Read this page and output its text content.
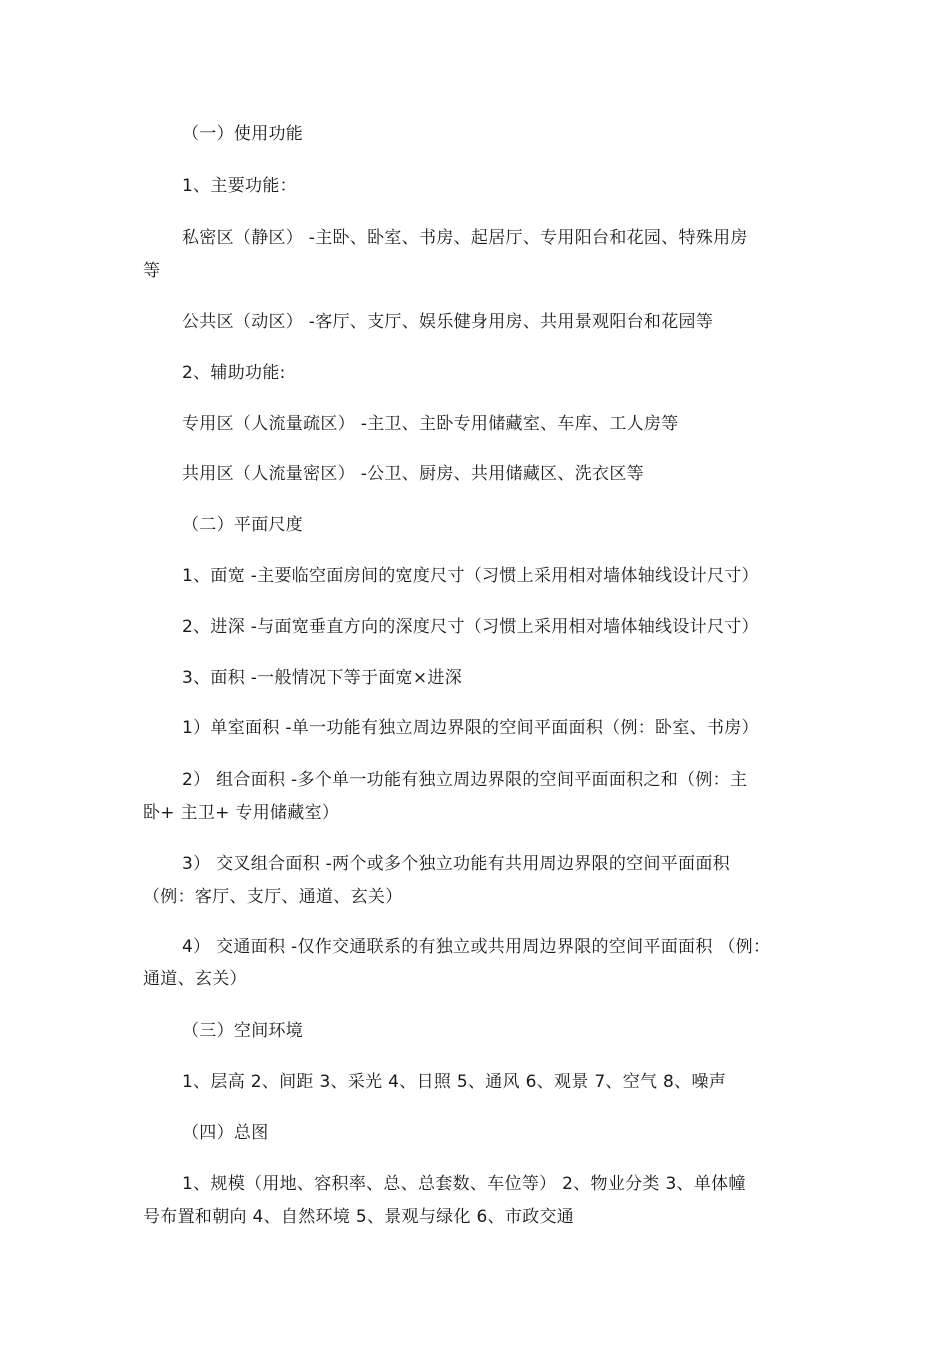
（一）使用功能
1、主要功能：
私密区（静区） -主卧、卧室、书房、起居厅、专用阳台和花园、特殊用房
等
公共区（动区） -客厅、支厅、娱乐健身用房、共用景观阳台和花园等
2、辅助功能:
专用区（人流量疏区） -主卫、主卧专用储藏室、车库、工人房等
共用区（人流量密区） -公卫、厨房、共用储藏区、洗衣区等
（二）平面尺度
1、面宽 -主要临空面房间的宽度尺寸（习惯上采用相对墙体轴线设计尺寸）
2、进深 -与面宽垂直方向的深度尺寸（习惯上采用相对墙体轴线设计尺寸）
3、面积 -一般情况下等于面宽×进深
1）单室面积 -单一功能有独立周边界限的空间平面面积（例：卧室、书房）
2） 组合面积 -多个单一功能有独立周边界限的空间平面面积之和（例：主
卧+ 主卫+ 专用储藏室）
3） 交叉组合面积 -两个或多个独立功能有共用周边界限的空间平面面积
（例：客厅、支厅、通道、玄关）
4） 交通面积 -仅作交通联系的有独立或共用周边界限的空间平面面积 （例：
通道、玄关）
（三）空间环境
1、层高 2、间距 3、采光 4、日照 5、通风 6、观景 7、空气 8、噪声
（四）总图
1、规模（用地、容积率、总、总套数、车位等） 2、物业分类 3、单体幢
号布置和朝向 4、自然环境 5、景观与绿化 6、市政交通
